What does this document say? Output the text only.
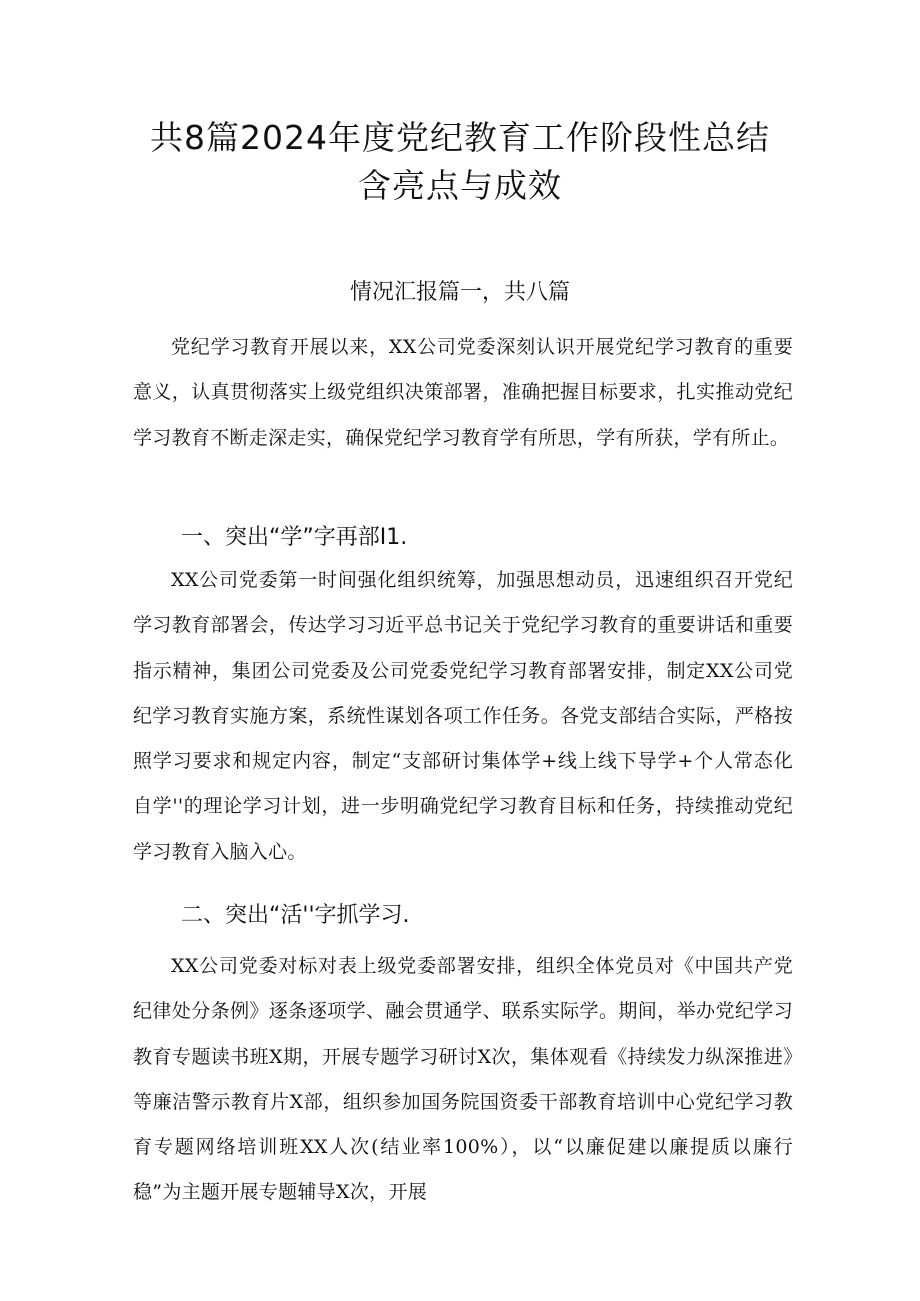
共8篇2024年度党纪教育工作阶段性总结
含亮点与成效
情况汇报篇一，共八篇

党纪学习教育开展以来，XX公司党委深刻认识开展党纪学习教育的重要意义，认真贯彻落实上级党组织决策部署，准确把握目标要求，扎实推动党纪学习教育不断走深走实，确保党纪学习教育学有所思，学有所获，学有所止。

一、突出“学”字再部I1.

XX公司党委第一时间强化组织统筹，加强思想动员，迅速组织召开党纪学习教育部署会，传达学习习近平总书记关于党纪学习教育的重要讲话和重要指示精神，集团公司党委及公司党委党纪学习教育部署安排，制定XX公司党纪学习教育实施方案，系统性谋划各项工作任务。各党支部结合实际，严格按照学习要求和规定内容，制定“支部研讨集体学+线上线下导学+个人常态化自学''的理论学习计划，进一步明确党纪学习教育目标和任务，持续推动党纪学习教育入脑入心。

二、突出“活''字抓学习.

XX公司党委对标对表上级党委部署安排，组织全体党员对《中国共产党纪律处分条例》逐条逐项学、融会贯通学、联系实际学。期间，举办党纪学习教育专题读书班X期，开展专题学习研讨X次，集体观看《持续发力纵深推进》等廉洁警示教育片X部，组织参加国务院国资委干部教育培训中心党纪学习教育专题网络培训班XX人次(结业率100%），以“以廉促建以廉提质以廉行稳”为主题开展专题辅导X次，开展
